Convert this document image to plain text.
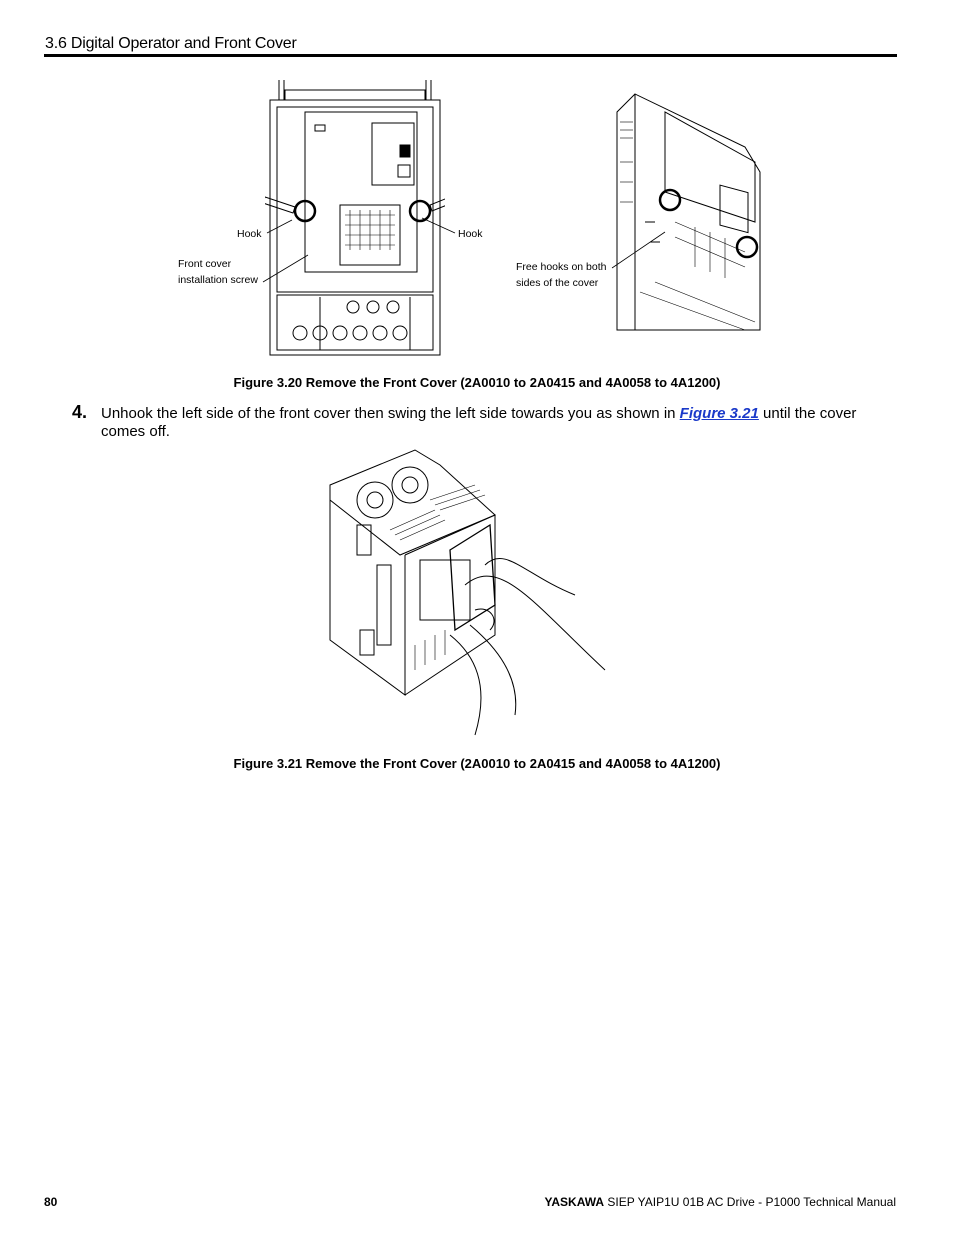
3.6 Digital Operator and Front Cover
Hook	Hook
Front cover
installation screw
Free hooks on both
sides of the cover
Figure 3.20 Remove the Front Cover (2A0010 to 2A0415 and 4A0058 to 4A1200)
4. Unhook the left side of the front cover then swing the left side towards you as shown in Figure 3.21 until the cover comes off.
Figure 3.21 Remove the Front Cover (2A0010 to 2A0415 and 4A0058 to 4A1200)
80	YASKAWA SIEP YAIP1U 01B AC Drive - P1000 Technical Manual
